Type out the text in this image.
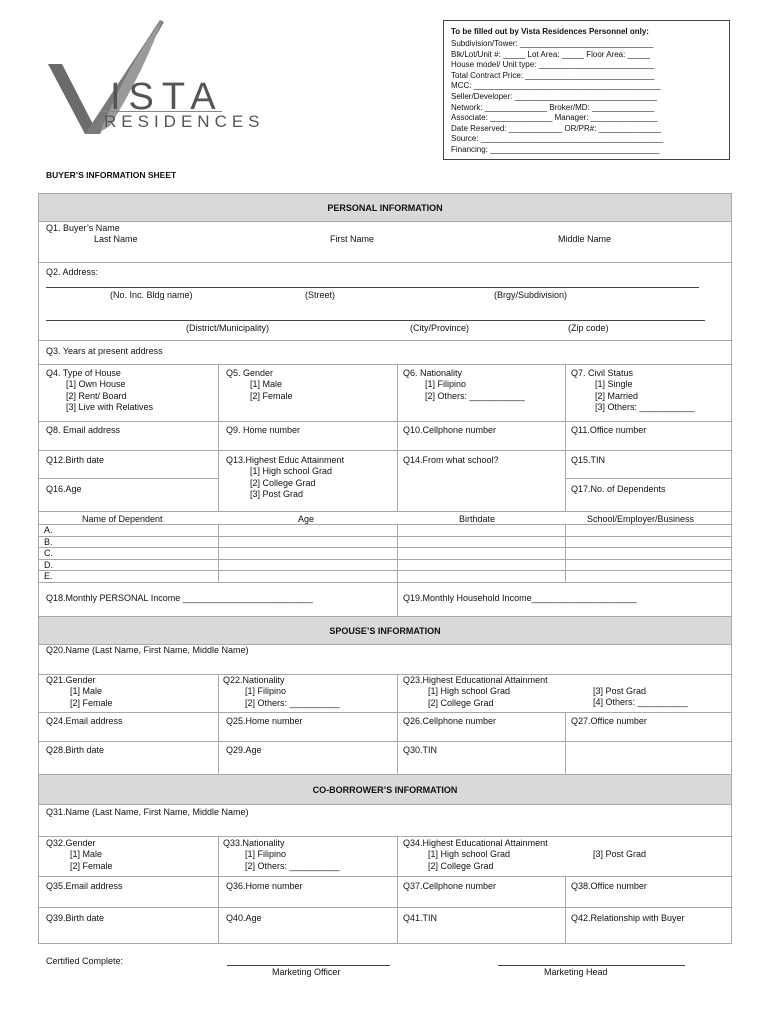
ISTA
RESIDENCES
To be filled out by Vista Residences Personnel only:
Subdivision/Tower: ______________________________
Blk/Lot/Unit #: _____ Lot Area: _____ Floor Area: _____
House model/ Unit type: __________________________
Total Contract Price: _____________________________
MCC: __________________________________________
Seller/Developer: ________________________________
Network: ______________ Broker/MD: ______________
Associate: ______________ Manager: _______________
Date Reserved: ____________ OR/PR#: ______________
Source: _________________________________________
Financing: ______________________________________
BUYER’S INFORMATION SHEET
PERSONAL INFORMATION
Q1. Buyer’s Name
Last Name	First Name	Middle Name
Q2. Address:
(No. Inc. Bldg name)	(Street)	(Brgy/Subdivision)
(District/Municipality)	(City/Province)	(Zip code)
Q3. Years at present address
Q4. Type of House
[1] Own House
[2] Rent/ Board
[3] Live with Relatives
Q5. Gender
[1] Male
[2] Female
Q6. Nationality
[1] Filipino
[2] Others: ___________
Q7. Civil Status
[1] Single
[2] Married
[3] Others: ___________
Q8. Email address	Q9. Home number	Q10.Cellphone number	Q11.Office number
Q12.Birth date	Q13.Highest Educ Attainment
[1] High school Grad
[2] College Grad
[3] Post Grad
Q14.From what school?	Q15.TIN
Q16.Age	Q17.No. of Dependents
Name of Dependent	Age	Birthdate	School/Employer/Business
A.
B.
C.
D.
E.
Q18.Monthly PERSONAL Income __________________________	Q19.Monthly Household Income_____________________
SPOUSE’S INFORMATION
Q20.Name (Last Name, First Name, Middle Name)
Q21.Gender
[1] Male
[2] Female
Q22.Nationality
[1] Filipino
[2] Others: __________
Q23.Highest Educational Attainment
[1] High school Grad
[2] College Grad
[3] Post Grad
[4] Others: __________
Q24.Email address	Q25.Home number	Q26.Cellphone number	Q27.Office number
Q28.Birth date	Q29.Age	Q30.TIN
CO-BORROWER’S INFORMATION
Q31.Name (Last Name, First Name, Middle Name)
Q32.Gender
[1] Male
[2] Female
Q33.Nationality
[1] Filipino
[2] Others: __________
Q34.Highest Educational Attainment
[1] High school Grad
[2] College Grad
[3] Post Grad
Q35.Email address	Q36.Home number	Q37.Cellphone number	Q38.Office number
Q39.Birth date	Q40.Age	Q41.TIN	Q42.Relationship with Buyer
Certified Complete:
Marketing Officer	Marketing Head
